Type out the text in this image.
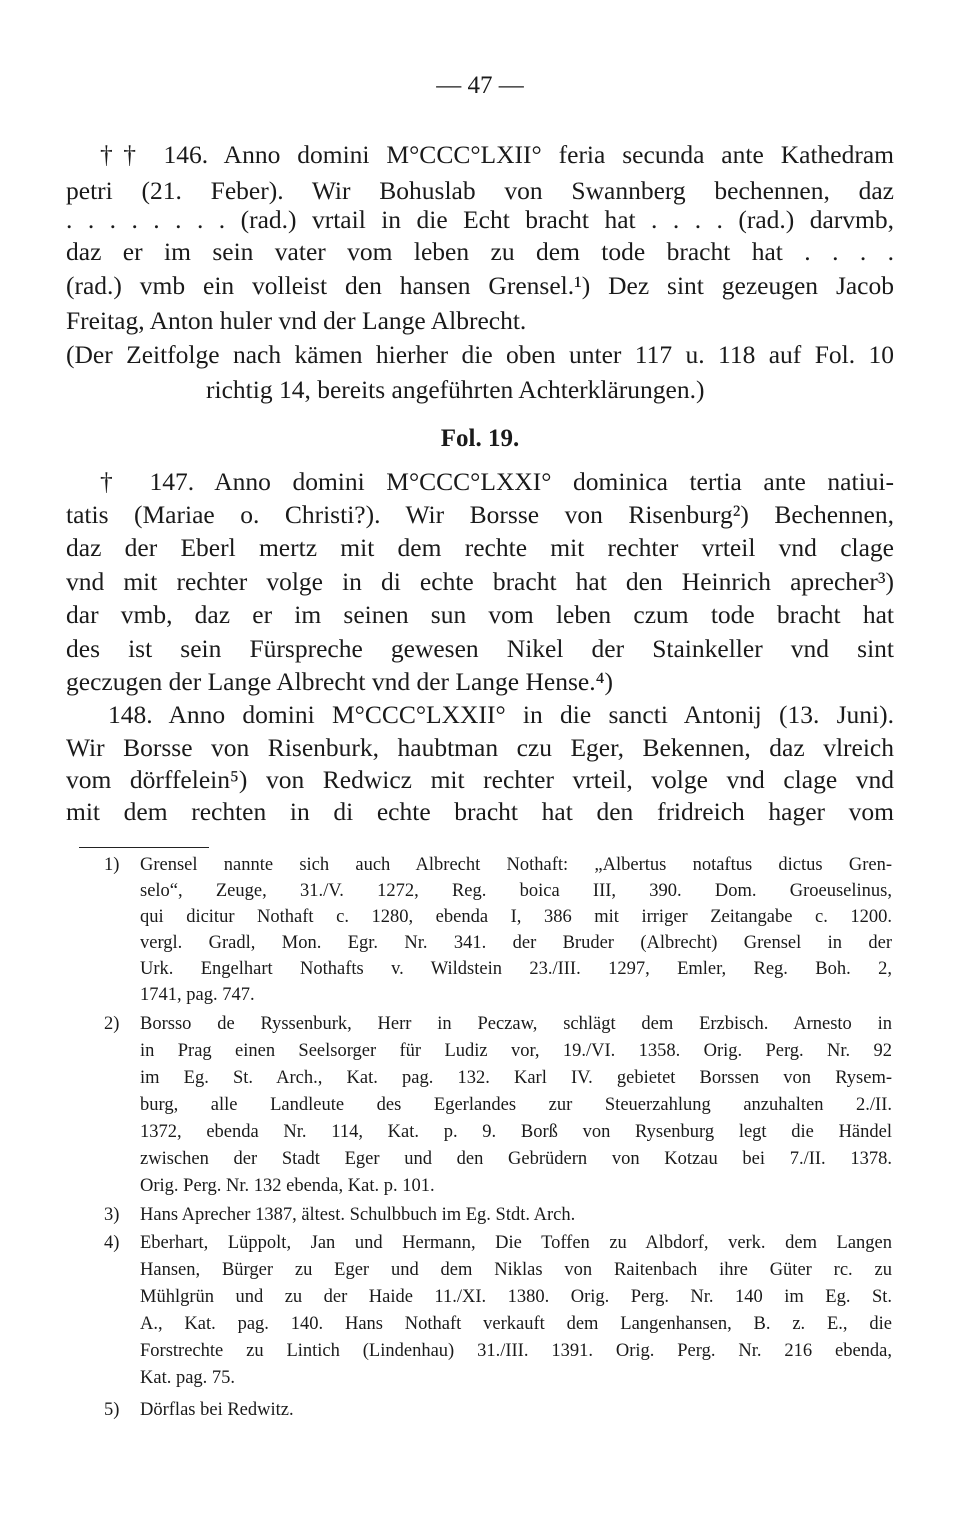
— 47 —
†† 146. Anno domini M°CCC°LXII° feria secunda ante Kathedram
petri (21. Feber). Wir Bohuslab von Swannberg bechennen, daz
. . . . . . . . (rad.) vrtail in die Echt bracht hat . . . . (rad.) darvmb,
daz er im sein vater vom leben zu dem tode bracht hat . . . .
(rad.) vmb ein volleist den hansen Grensel.¹) Dez sint gezeugen Jacob
Freitag, Anton huler vnd der Lange Albrecht.
(Der Zeitfolge nach kämen hierher die oben unter 117 u. 118 auf Fol. 10
richtig 14, bereits angeführten Achterklärungen.)
Fol. 19.
† 147. Anno domini M°CCC°LXXI° dominica tertia ante natiui-
tatis (Mariae o. Christi?). Wir Borsse von Risenburg²) Bechennen,
daz der Eberl mertz mit dem rechte mit rechter vrteil vnd clage
vnd mit rechter volge in di echte bracht hat den Heinrich aprecher³)
dar vmb, daz er im seinen sun vom leben czum tode bracht hat
des ist sein Fürspreche gewesen Nikel der Stainkeller vnd sint
geczugen der Lange Albrecht vnd der Lange Hense.⁴)
148. Anno domini M°CCC°LXXII° in die sancti Antonij (13. Juni).
Wir Borsse von Risenburk, haubtman czu Eger, Bekennen, daz vlreich
vom dörffelein⁵) von Redwicz mit rechter vrteil, volge vnd clage vnd
mit dem rechten in di echte bracht hat den fridreich hager vom
1)	Grensel nannte sich auch Albrecht Nothaft: „Albertus notaftus dictus Gren-
selo“, Zeuge, 31./V. 1272, Reg. boica III, 390. Dom. Groeuselinus,
qui dicitur Nothaft c. 1280, ebenda I, 386 mit irriger Zeitangabe c. 1200.
vergl. Gradl, Mon. Egr. Nr. 341. der Bruder (Albrecht) Grensel in der
Urk. Engelhart Nothafts v. Wildstein 23./III. 1297, Emler, Reg. Boh. 2,
1741, pag. 747.
2)	Borsso de Ryssenburk, Herr in Peczaw, schlägt dem Erzbisch. Arnesto in
in Prag einen Seelsorger für Ludiz vor, 19./VI. 1358. Orig. Perg. Nr. 92
im Eg. St. Arch., Kat. pag. 132. Karl IV. gebietet Borssen von Rysem-
burg, alle Landleute des Egerlandes zur Steuerzahlung anzuhalten 2./II.
1372, ebenda Nr. 114, Kat. p. 9. Borß von Rysenburg legt die Händel
zwischen der Stadt Eger und den Gebrüdern von Kotzau bei 7./II. 1378.
Orig. Perg. Nr. 132 ebenda, Kat. p. 101.
3)	Hans Aprecher 1387, ältest. Schulbbuch im Eg. Stdt. Arch.
4)	Eberhart, Lüppolt, Jan und Hermann, Die Toffen zu Albdorf, verk. dem Langen
Hansen, Bürger zu Eger und dem Niklas von Raitenbach ihre Güter rc. zu
Mühlgrün und zu der Haide 11./XI. 1380. Orig. Perg. Nr. 140 im Eg. St.
A., Kat. pag. 140. Hans Nothaft verkauft dem Langenhansen, B. z. E., die
Forstrechte zu Lintich (Lindenhau) 31./III. 1391. Orig. Perg. Nr. 216 ebenda,
Kat. pag. 75.
5)	Dörflas bei Redwitz.
